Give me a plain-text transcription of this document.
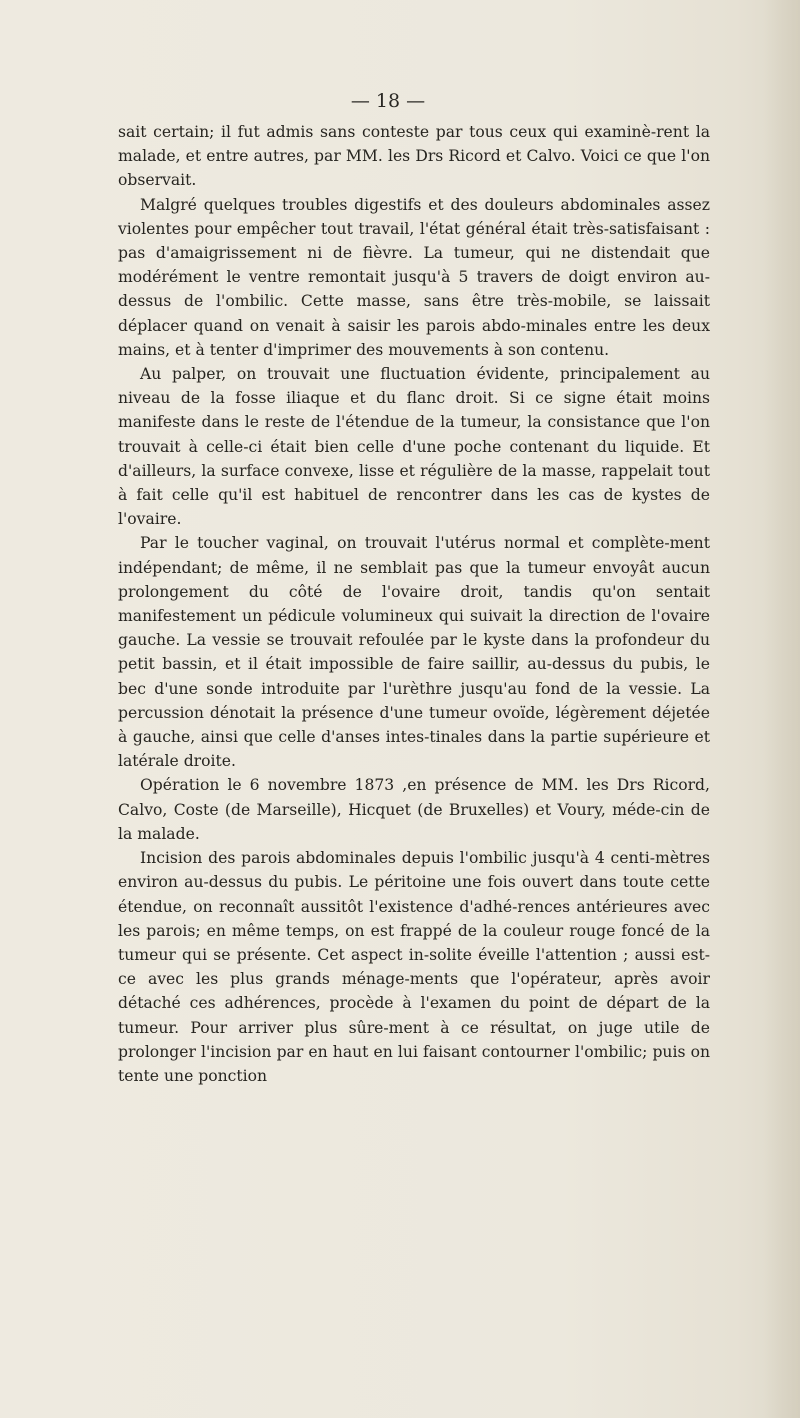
— 18 —

sait certain; il fut admis sans conteste par tous ceux qui examinè-rent la malade, et entre autres, par MM. les Drs Ricord et Calvo. Voici ce que l'on observait.

Malgré quelques troubles digestifs et des douleurs abdominales assez violentes pour empêcher tout travail, l'état général était très-satisfaisant : pas d'amaigrissement ni de fièvre. La tumeur, qui ne distendait que modérément le ventre remontait jusqu'à 5 travers de doigt environ au-dessus de l'ombilic. Cette masse, sans être très-mobile, se laissait déplacer quand on venait à saisir les parois abdo-minales entre les deux mains, et à tenter d'imprimer des mouvements à son contenu.

Au palper, on trouvait une fluctuation évidente, principalement au niveau de la fosse iliaque et du flanc droit. Si ce signe était moins manifeste dans le reste de l'étendue de la tumeur, la consistance que l'on trouvait à celle-ci était bien celle d'une poche contenant du liquide. Et d'ailleurs, la surface convexe, lisse et régulière de la masse, rappelait tout à fait celle qu'il est habituel de rencontrer dans les cas de kystes de l'ovaire.

Par le toucher vaginal, on trouvait l'utérus normal et complète-ment indépendant; de même, il ne semblait pas que la tumeur envoyât aucun prolongement du côté de l'ovaire droit, tandis qu'on sentait manifestement un pédicule volumineux qui suivait la direction de l'ovaire gauche. La vessie se trouvait refoulée par le kyste dans la profondeur du petit bassin, et il était impossible de faire saillir, au-dessus du pubis, le bec d'une sonde introduite par l'urèthre jusqu'au fond de la vessie. La percussion dénotait la présence d'une tumeur ovoïde, légèrement déjetée à gauche, ainsi que celle d'anses intes-tinales dans la partie supérieure et latérale droite.

Opération le 6 novembre 1873 ,en présence de MM. les Drs Ricord, Calvo, Coste (de Marseille), Hicquet (de Bruxelles) et Voury, méde-cin de la malade.

Incision des parois abdominales depuis l'ombilic jusqu'à 4 centi-mètres environ au-dessus du pubis. Le péritoine une fois ouvert dans toute cette étendue, on reconnaît aussitôt l'existence d'adhé-rences antérieures avec les parois; en même temps, on est frappé de la couleur rouge foncé de la tumeur qui se présente. Cet aspect in-solite éveille l'attention ; aussi est-ce avec les plus grands ménage-ments que l'opérateur, après avoir détaché ces adhérences, procède à l'examen du point de départ de la tumeur. Pour arriver plus sûre-ment à ce résultat, on juge utile de prolonger l'incision par en haut en lui faisant contourner l'ombilic; puis on tente une ponction
